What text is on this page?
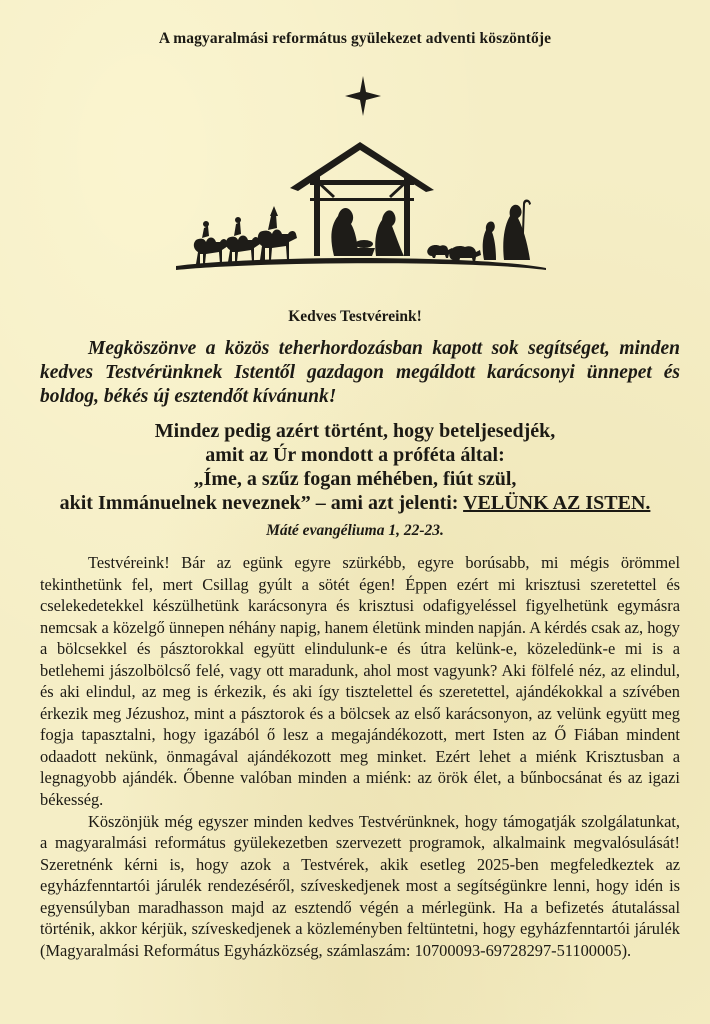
A magyaralmási református gyülekezet adventi köszöntője
Kedves Testvéreink!
Megköszönve a közös teherhordozásban kapott sok segítséget, minden kedves Testvérünknek Istentől gazdagon megáldott karácsonyi ünnepet és boldog, békés új esztendőt kívánunk!
Mindez pedig azért történt, hogy beteljesedjék,
amit az Úr mondott a próféta által:
„Íme, a szűz fogan méhében, fiút szül,
akit Immánuelnek neveznek” – ami azt jelenti: VELÜNK AZ ISTEN.
Máté evangéliuma 1, 22-23.

Testvéreink! Bár az egünk egyre szürkébb, egyre borúsabb, mi mégis örömmel tekinthetünk fel, mert Csillag gyúlt a sötét égen! Éppen ezért mi krisztusi szeretettel és cselekedetekkel készülhetünk karácsonyra és krisztusi odafigyeléssel figyelhetünk egymásra nemcsak a közelgő ünnepen néhány napig, hanem életünk minden napján. A kérdés csak az, hogy a bölcsekkel és pásztorokkal együtt elindulunk-e és útra kelünk-e, közeledünk-e mi is a betlehemi jászolbölcső felé, vagy ott maradunk, ahol most vagyunk? Aki fölfelé néz, az elindul, és aki elindul, az meg is érkezik, és aki így tisztelettel és szeretettel, ajándékokkal a szívében érkezik meg Jézushoz, mint a pásztorok és a bölcsek az első karácsonyon, az velünk együtt meg fogja tapasztalni, hogy igazából ő lesz a megajándékozott, mert Isten az Ő Fiában mindent odaadott nekünk, önmagával ajándékozott meg minket. Ezért lehet a miénk Krisztusban a legnagyobb ajándék. Őbenne valóban minden a miénk: az örök élet, a bűnbocsánat és az igazi békesség.

Köszönjük még egyszer minden kedves Testvérünknek, hogy támogatják szolgálatunkat, a magyaralmási református gyülekezetben szervezett programok, alkalmaink megvalósulását! Szeretnénk kérni is, hogy azok a Testvérek, akik esetleg 2025-ben megfeledkeztek az egyházfenntartói járulék rendezéséről, szíveskedjenek most a segítségünkre lenni, hogy idén is egyensúlyban maradhasson majd az esztendő végén a mérlegünk. Ha a befizetés átutalással történik, akkor kérjük, szíveskedjenek a közleményben feltüntetni, hogy egyházfenntartói járulék (Magyaralmási Református Egyházközség, számlaszám: 10700093-69728297-51100005).
